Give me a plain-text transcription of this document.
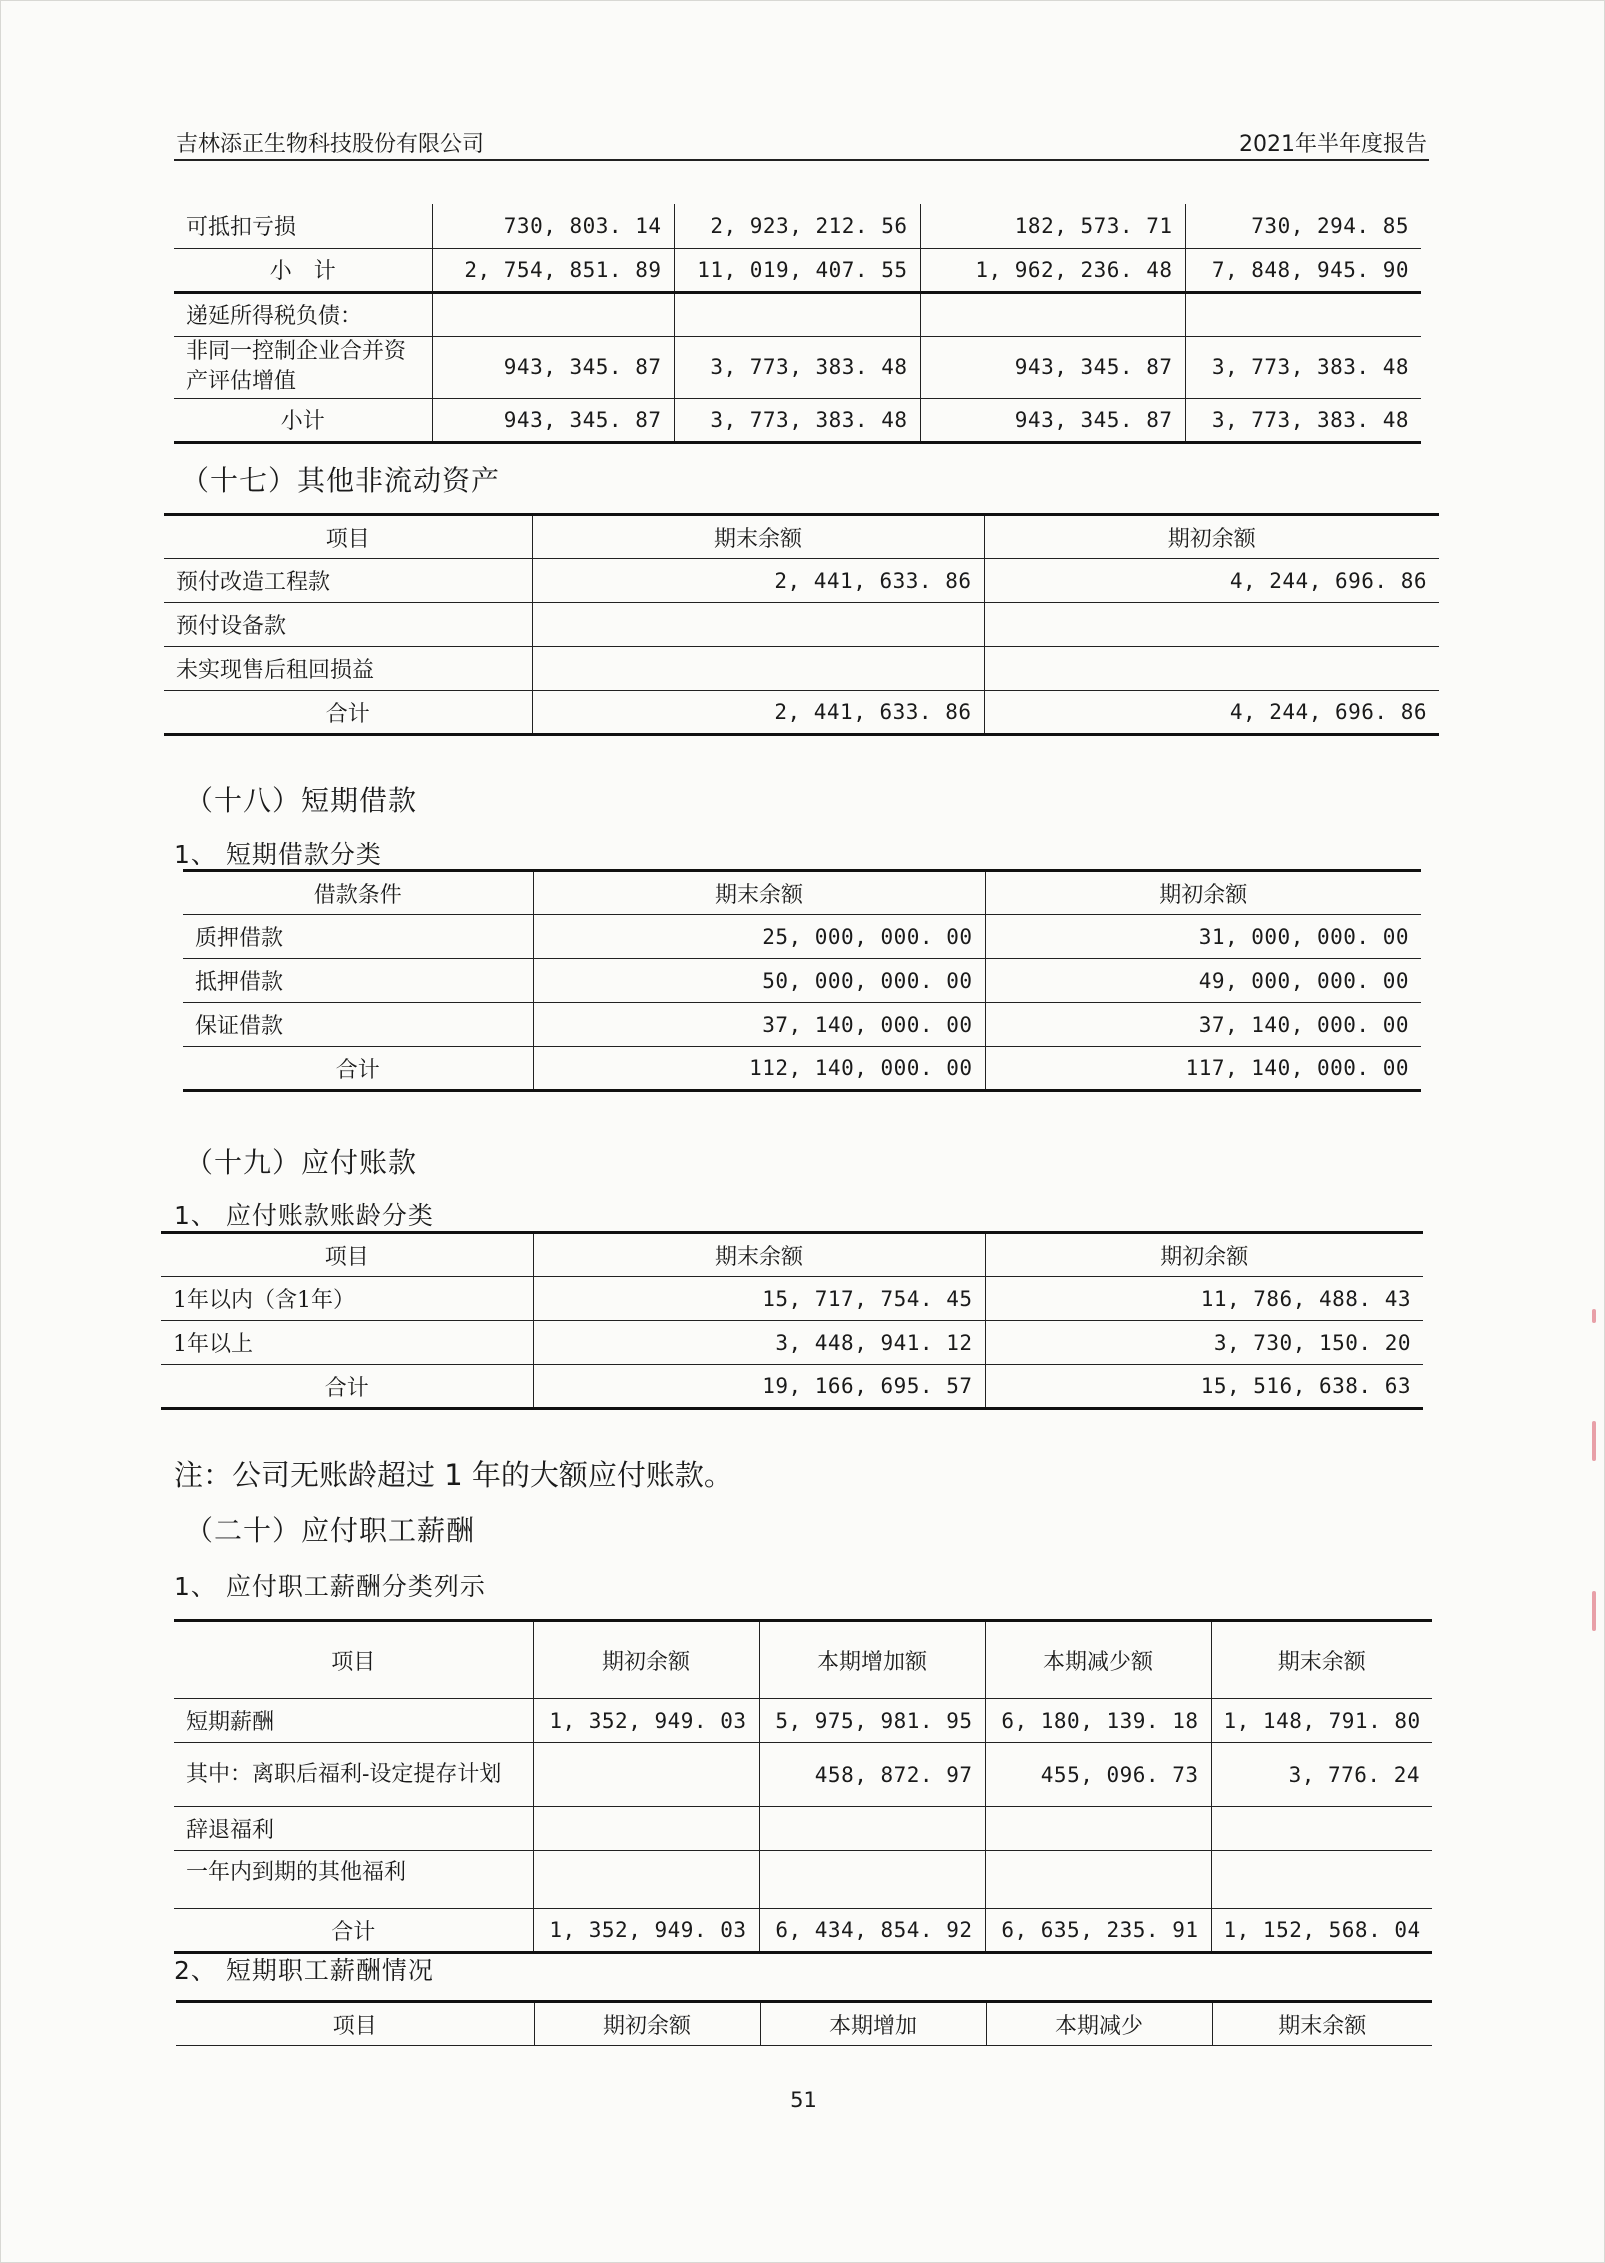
吉林添正生物科技股份有限公司	2021年半年度报告
可抵扣亏损	730, 803. 14	2, 923, 212. 56	182, 573. 71	730, 294. 85
小　计	2, 754, 851. 89	11, 019, 407. 55	1, 962, 236. 48	7, 848, 945. 90
递延所得税负债：				
非同一控制企业合并资产评估增值	943, 345. 87	3, 773, 383. 48	943, 345. 87	3, 773, 383. 48
小计	943, 345. 87	3, 773, 383. 48	943, 345. 87	3, 773, 383. 48
（十七）其他非流动资产
项目	期末余额	期初余额
预付改造工程款	2, 441, 633. 86	4, 244, 696. 86
预付设备款		
未实现售后租回损益		
合计	2, 441, 633. 86	4, 244, 696. 86
（十八）短期借款
1、 短期借款分类
借款条件	期末余额	期初余额
质押借款	25, 000, 000. 00	31, 000, 000. 00
抵押借款	50, 000, 000. 00	49, 000, 000. 00
保证借款	37, 140, 000. 00	37, 140, 000. 00
合计	112, 140, 000. 00	117, 140, 000. 00
（十九）应付账款
1、 应付账款账龄分类
项目	期末余额	期初余额
1年以内（含1年）	15, 717, 754. 45	11, 786, 488. 43
1年以上	3, 448, 941. 12	3, 730, 150. 20
合计	19, 166, 695. 57	15, 516, 638. 63
注：公司无账龄超过 1 年的大额应付账款。
（二十）应付职工薪酬
1、 应付职工薪酬分类列示
项目	期初余额	本期增加额	本期减少额	期末余额
短期薪酬	1, 352, 949. 03	5, 975, 981. 95	6, 180, 139. 18	1, 148, 791. 80
其中：离职后福利-设定提存计划		458, 872. 97	455, 096. 73	3, 776. 24
辞退福利				
一年内到期的其他福利				
合计	1, 352, 949. 03	6, 434, 854. 92	6, 635, 235. 91	1, 152, 568. 04
2、 短期职工薪酬情况
项目	期初余额	本期增加	本期减少	期末余额
51
